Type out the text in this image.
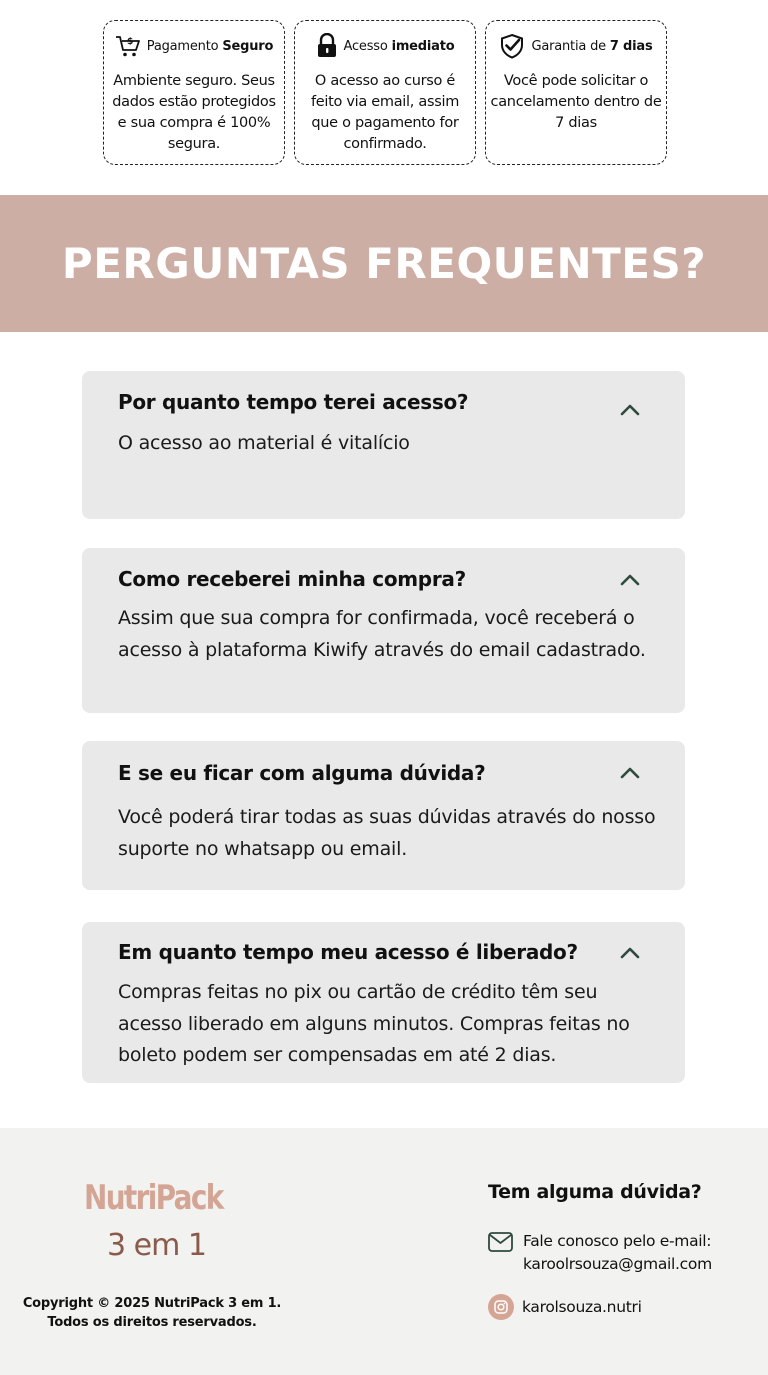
$ Pagamento Seguro
Ambiente seguro. Seus dados estão protegidos e sua compra é 100% segura.
Acesso imediato
O acesso ao curso é feito via email, assim que o pagamento for confirmado.
Garantia de 7 dias
Você pode solicitar o cancelamento dentro de 7 dias
PERGUNTAS FREQUENTES?
Por quanto tempo terei acesso?
O acesso ao material é vitalício
Como receberei minha compra?
Assim que sua compra for confirmada, você receberá o acesso à plataforma Kiwify através do email cadastrado.
E se eu ficar com alguma dúvida?
Você poderá tirar todas as suas dúvidas através do nosso suporte no whatsapp ou email.
Em quanto tempo meu acesso é liberado?
Compras feitas no pix ou cartão de crédito têm seu acesso liberado em alguns minutos. Compras feitas no boleto podem ser compensadas em até 2 dias.
NutriPack
3 em 1
Copyright © 2025 NutriPack 3 em 1.
Todos os direitos reservados.
Tem alguma dúvida?
Fale conosco pelo e-mail:
karoolrsouza@gmail.com
karolsouza.nutri
